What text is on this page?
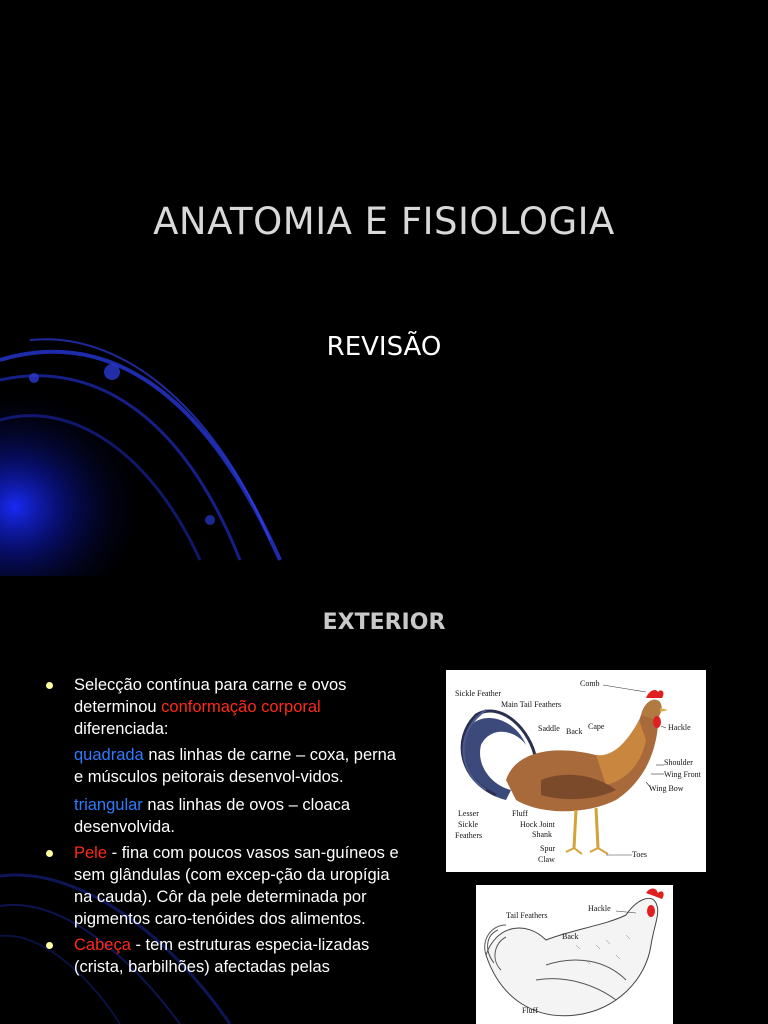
ANATOMIA E FISIOLOGIA
REVISÃO
EXTERIOR
Selecção contínua para carne e ovos determinou conformação corporal diferenciada:
quadrada nas linhas de carne – coxa, perna e músculos peitorais desenvol-vidos.
triangular nas linhas de ovos – cloaca desenvolvida.
Pele - fina com poucos vasos san-guíneos e sem glândulas (com excep-ção da uropígia na cauda). Côr da pele determinada por pigmentos caro-tenóides dos alimentos.
Cabeça - tem estruturas especia-lizadas (crista, barbilhões) afectadas pelas
Comb
Sickle Feather
Main Tail Feathers
Saddle	Cape
Back	Hackle
Shoulder
Wing Front
Wing Bow
Lesser
Sickle
Feathers
Fluff
Hock Joint
Shank
Spur
Claw
Toes
Tail Feathers
Hackle
Back
Fluff
